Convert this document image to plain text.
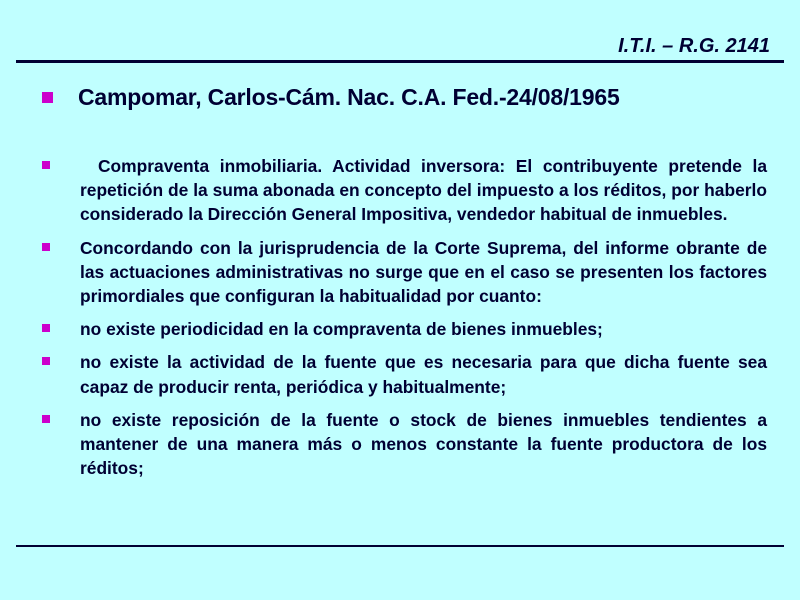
I.T.I. – R.G. 2141
Campomar, Carlos-Cám. Nac. C.A. Fed.-24/08/1965
Compraventa inmobiliaria. Actividad inversora: El contribuyente pretende la repetición de la suma abonada en concepto del impuesto a los réditos, por haberlo considerado la Dirección General Impositiva, vendedor habitual de inmuebles.
Concordando con la jurisprudencia de la Corte Suprema, del informe obrante de las actuaciones administrativas no surge que en el caso se presenten los factores primordiales que configuran la habitualidad por cuanto:
no existe periodicidad en la compraventa de bienes inmuebles;
no existe la actividad de la fuente que es necesaria para que dicha fuente sea capaz de producir renta, periódica y habitualmente;
no existe reposición de la fuente o stock de bienes inmuebles tendientes a mantener de una manera más o menos constante la fuente productora de los réditos;
